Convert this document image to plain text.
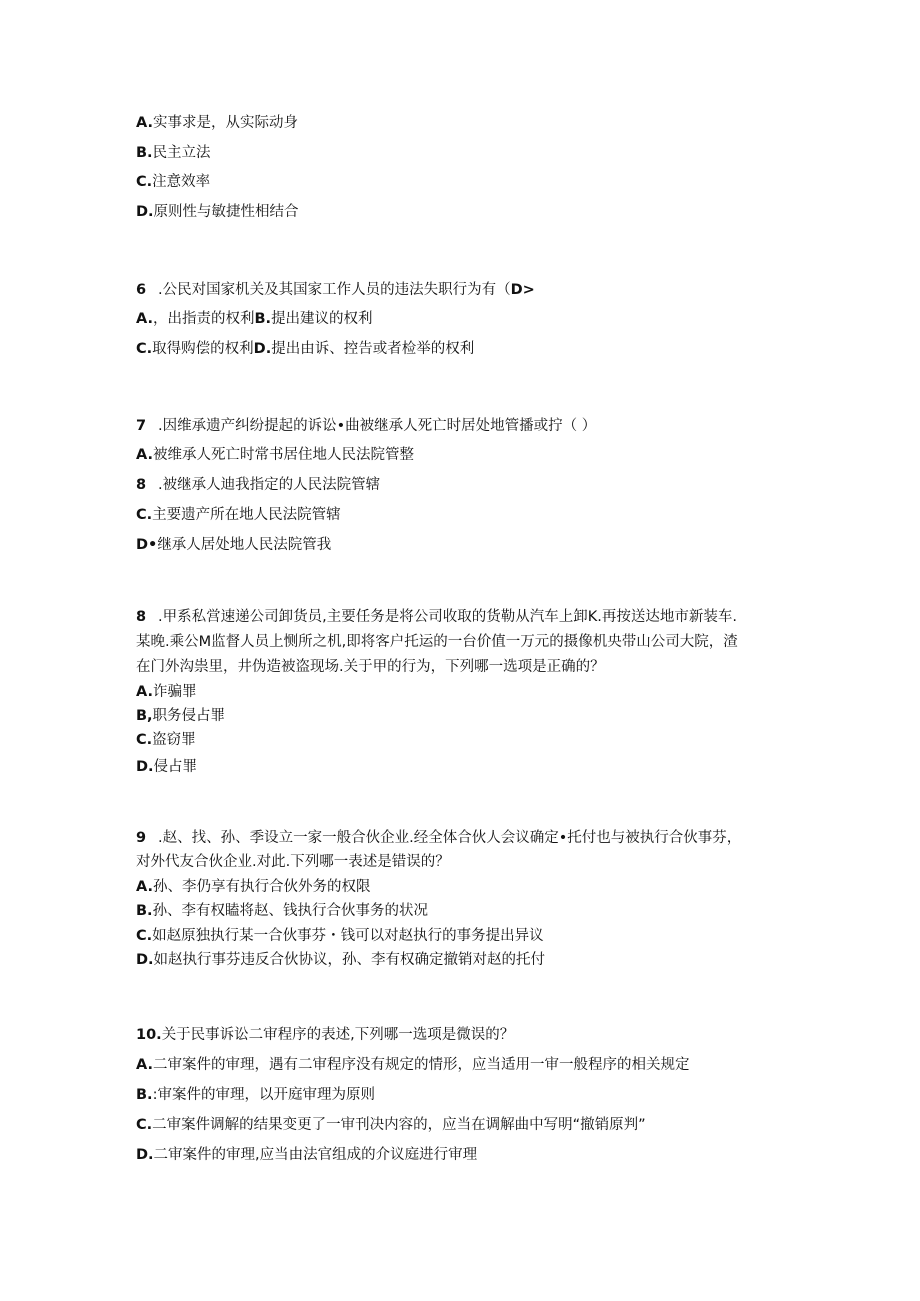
A.实事求是，从实际动身
B.民主立法
C.注意效率
D.原则性与敏捷性相结合
6 .公民对国家机关及其国家工作人员的违法失职行为有（D>
A.，出指责的权利B.提出建议的权利
C.取得购偿的权利D.提出由诉、控告或者检举的权利
7 .因维承遗产纠纷提起的诉讼•曲被继承人死亡时居处地管播或拧（ ）
A.被维承人死亡时常书居住地人民法院管整
8 .被继承人迪我指定的人民法院管辖
C.主要遗产所在地人民法院管辖
D•继承人居处地人民法院管我
8 .甲系私営速递公司卸货员,主要任务是将公司收取的货勒从汽车上卸K.再按送达地市新装车.
某晚.乘公M监督人员上恻所之机,即将客户托运的一台价值一万元的摄像机央带山公司大院，渣
在门外沟祟里，井伪造被盗现场.关于甲的行为，下列哪一选项是正确的？
A.诈骗罪
B,职务侵占罪
C.盗窃罪
D.侵占罪
9 .赵、找、孙、季设立一家一般合伙企业.经全体合伙人会议确定•托付也与被执行合伙事芬，
对外代友合伙企业.对此.下列哪一表述是错误的？
A.孙、李仍享有执行合伙外务的权限
B.孙、李有权瞌将赵、钱执行合伙事务的状况
C.如赵原独执行某一合伙事芬・钱可以对赵执行的事务提出异议
D.如赵执行事芬违反合伙协议，孙、李有权确定撤销对赵的托付
10.关于民事诉讼二审程序的表述,下列哪一选项是微误的？
A.二审案件的审理，遇有二审程序没有规定的情形，应当适用一审一般程序的相关规定
B.:审案件的审理，以开庭审理为原则
C.二审案件调解的结果变更了一审刊决内容的，应当在调解曲中写明“撤销原判”
D.二审案件的审理,应当由法官组成的介议庭进行审理
